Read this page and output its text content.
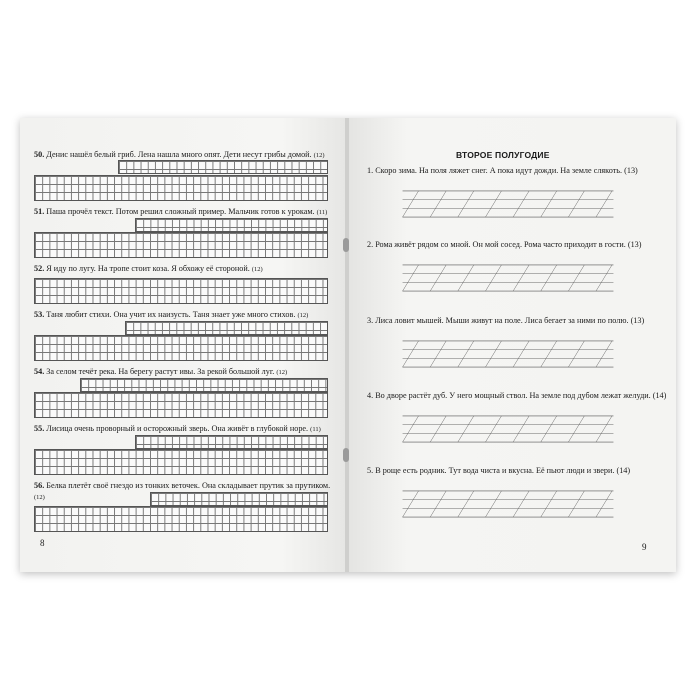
50. Денис нашёл белый гриб. Лена нашла много опят. Дети несут грибы домой. (12)
51. Паша прочёл текст. Потом решил сложный пример. Мальчик готов к урокам. (11)
52. Я иду по лугу. На тропе стоит коза. Я обхожу её стороной. (12)
53. Таня любит стихи. Она учит их наизусть. Таня знает уже много стихов. (12)
54. За селом течёт река. На берегу растут ивы. За рекой большой луг. (12)
55. Лисица очень проворный и осторожный зверь. Она живёт в глубокой норе. (11)
56. Белка плетёт своё гнездо из тонких веточек. Она складывает прутик за прутиком. (12)
8
ВТОРОЕ ПОЛУГОДИЕ
1. Скоро зима. На поля ляжет снег. А пока идут дожди. На земле слякоть. (13)
2. Рома живёт рядом со мной. Он мой сосед. Рома часто приходит в гости. (13)
3. Лиса ловит мышей. Мыши живут на поле. Лиса бегает за ними по полю. (13)
4. Во дворе растёт дуб. У него мощный ствол. На земле под дубом лежат желуди. (14)
5. В роще есть родник. Тут вода чиста и вкусна. Её пьют люди и звери. (14)
9
